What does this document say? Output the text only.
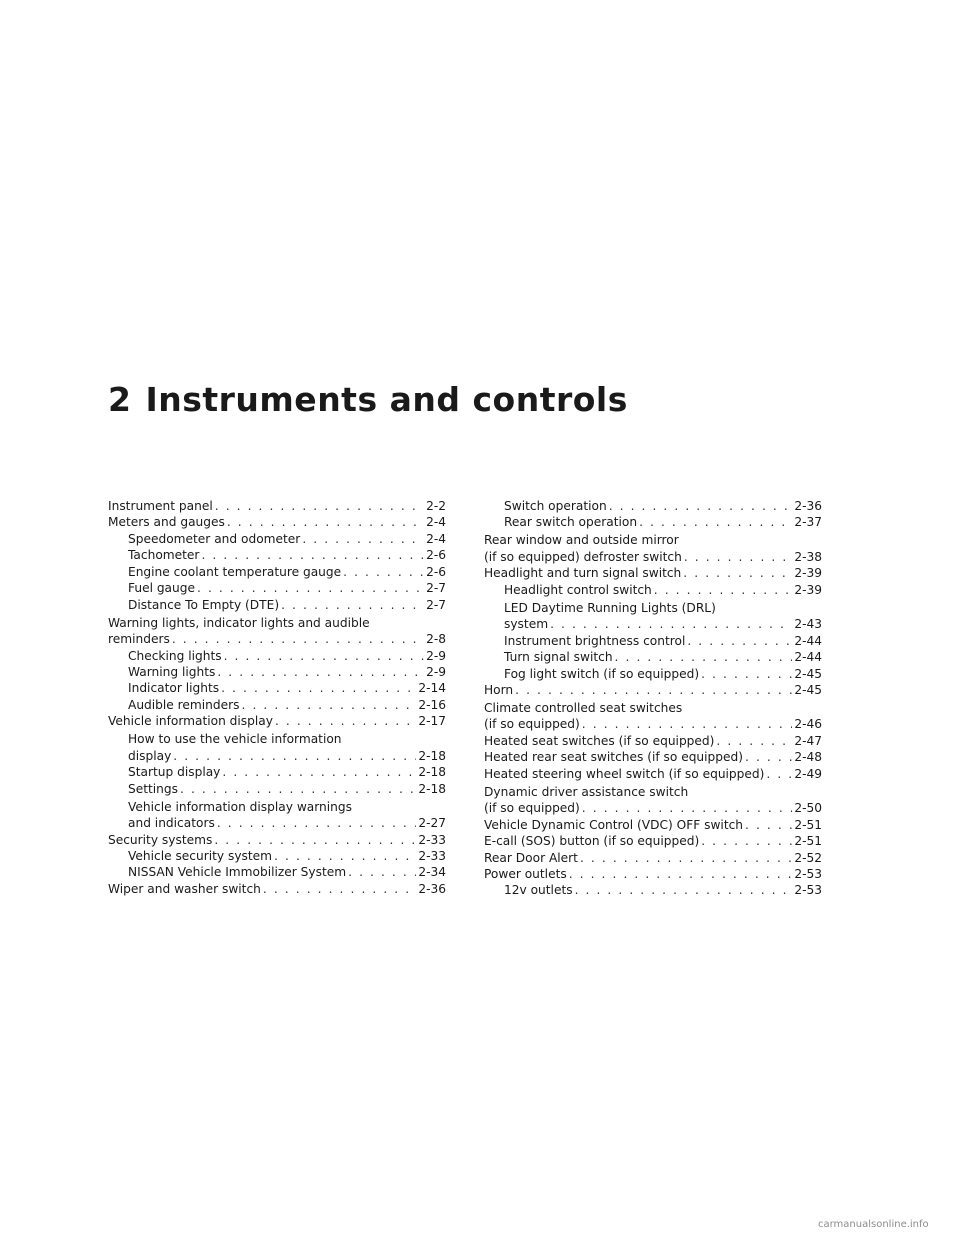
2 Instruments and controls
Instrument panel . . .	2-2
Meters and gauges . . .	2-4
Speedometer and odometer . . .	2-4
Tachometer . . .	2-6
Engine coolant temperature gauge . . .	2-6
Fuel gauge . . .	2-7
Distance To Empty (DTE) . . .	2-7
Warning lights, indicator lights and audible
reminders . . .	2-8
Checking lights . . .	2-9
Warning lights . . .	2-9
Indicator lights . . .	2-14
Audible reminders . . .	2-16
Vehicle information display . . .	2-17
How to use the vehicle information
display . . .	2-18
Startup display . . .	2-18
Settings . . .	2-18
Vehicle information display warnings
and indicators . . .	2-27
Security systems . . .	2-33
Vehicle security system . . .	2-33
NISSAN Vehicle Immobilizer System . . .	2-34
Wiper and washer switch . . .	2-36
Switch operation . . .	2-36
Rear switch operation . . .	2-37
Rear window and outside mirror
(if so equipped) defroster switch . . .	2-38
Headlight and turn signal switch . . .	2-39
Headlight control switch . . .	2-39
LED Daytime Running Lights (DRL)
system . . .	2-43
Instrument brightness control . . .	2-44
Turn signal switch . . .	2-44
Fog light switch (if so equipped) . . .	2-45
Horn . . .	2-45
Climate controlled seat switches
(if so equipped) . . .	2-46
Heated seat switches (if so equipped) . . .	2-47
Heated rear seat switches (if so equipped) . . .	2-48
Heated steering wheel switch (if so equipped) . . . 2-49
Dynamic driver assistance switch
(if so equipped) . . .	2-50
Vehicle Dynamic Control (VDC) OFF switch . . .	2-51
E-call (SOS) button (if so equipped) . . .	2-51
Rear Door Alert . . .	2-52
Power outlets . . .	2-53
12v outlets . . .	2-53
carmanualsonline.info
